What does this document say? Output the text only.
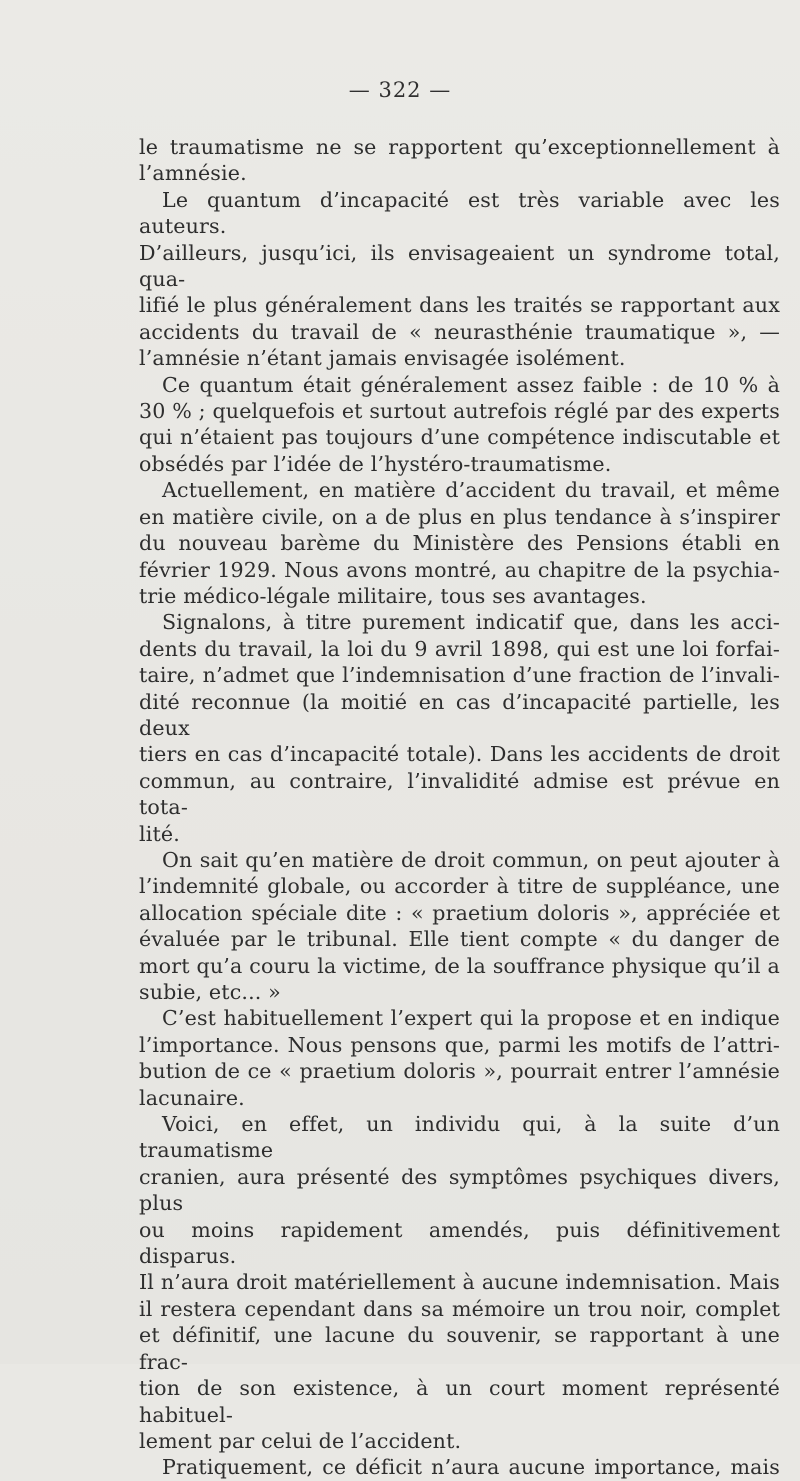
— 322 —

le traumatisme ne se rapportent qu’exceptionnellement à

l’amnésie.

Le quantum d’incapacité est très variable avec les auteurs.

D’ailleurs, jusqu’ici, ils envisageaient un syndrome total, qua-

lifié le plus généralement dans les traités se rapportant aux

accidents du travail de « neurasthénie traumatique », —

l’amnésie n’étant jamais envisagée isolément.

Ce quantum était généralement assez faible : de 10 % à

30 % ; quelquefois et surtout autrefois réglé par des experts

qui n’étaient pas toujours d’une compétence indiscutable et

obsédés par l’idée de l’hystéro-traumatisme.

Actuellement, en matière d’accident du travail, et même

en matière civile, on a de plus en plus tendance à s’inspirer

du nouveau barème du Ministère des Pensions établi en

février 1929. Nous avons montré, au chapitre de la psychia-

trie médico-légale militaire, tous ses avantages.

Signalons, à titre purement indicatif que, dans les acci-

dents du travail, la loi du 9 avril 1898, qui est une loi forfai-

taire, n’admet que l’indemnisation d’une fraction de l’invali-

dité reconnue (la moitié en cas d’incapacité partielle, les deux

tiers en cas d’incapacité totale). Dans les accidents de droit

commun, au contraire, l’invalidité admise est prévue en tota-

lité.

On sait qu’en matière de droit commun, on peut ajouter à

l’indemnité globale, ou accorder à titre de suppléance, une

allocation spéciale dite : « praetium doloris », appréciée et

évaluée par le tribunal. Elle tient compte « du danger de

mort qu’a couru la victime, de la souffrance physique qu’il a

subie, etc... »

C’est habituellement l’expert qui la propose et en indique

l’importance. Nous pensons que, parmi les motifs de l’attri-

bution de ce « praetium doloris », pourrait entrer l’amnésie

lacunaire.

Voici, en effet, un individu qui, à la suite d’un traumatisme

cranien, aura présenté des symptômes psychiques divers, plus

ou moins rapidement amendés, puis définitivement disparus.

Il n’aura droit matériellement à aucune indemnisation. Mais

il restera cependant dans sa mémoire un trou noir, complet

et définitif, une lacune du souvenir, se rapportant à une frac-

tion de son existence, à un court moment représenté habituel-

lement par celui de l’accident.

Pratiquement, ce déficit n’aura aucune importance, mais
